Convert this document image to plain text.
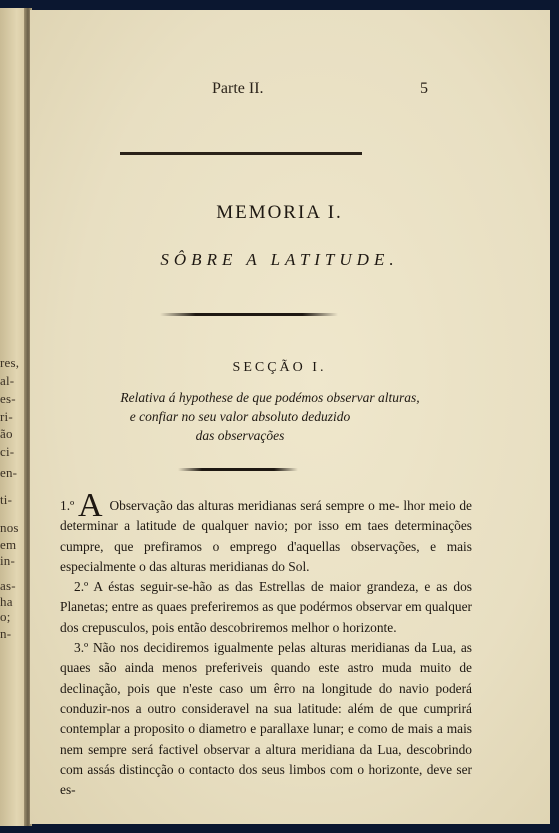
res,
al-
es-
ri-
ão
ci-
en-
ti-
nos
em
in-
as-
ha
o;
n-
Parte II.	5
MEMORIA I.
SÔBRE A LATITUDE.
SECÇÃO I.
Relativa á hypothese de que podémos observar alturas,
e confiar no seu valor absoluto deduzido
das observações

1.º A Observação das alturas meridianas será sempre o me- lhor meio de determinar a latitude de qualquer navio; por isso em taes determinações cumpre, que prefiramos o emprego d'aquellas observações, e mais especialmente o das alturas meridianas do Sol.

2.º A éstas seguir-se-hão as das Estrellas de maior grandeza, e as dos Planetas; entre as quaes preferiremos as que podérmos observar em qualquer dos crepusculos, pois então descobriremos melhor o horizonte.

3.º Não nos decidiremos igualmente pelas alturas meridianas da Lua, as quaes são ainda menos preferiveis quando este astro muda muito de declinação, pois que n'este caso um êrro na longitude do navio poderá conduzir-nos a outro consideravel na sua latitude: além de que cumprirá contemplar a proposito o diametro e parallaxe lunar; e como de mais a mais nem sempre será factivel observar a altura meridiana da Lua, descobrindo com assás distincção o contacto dos seus limbos com o horizonte, deve ser es-
